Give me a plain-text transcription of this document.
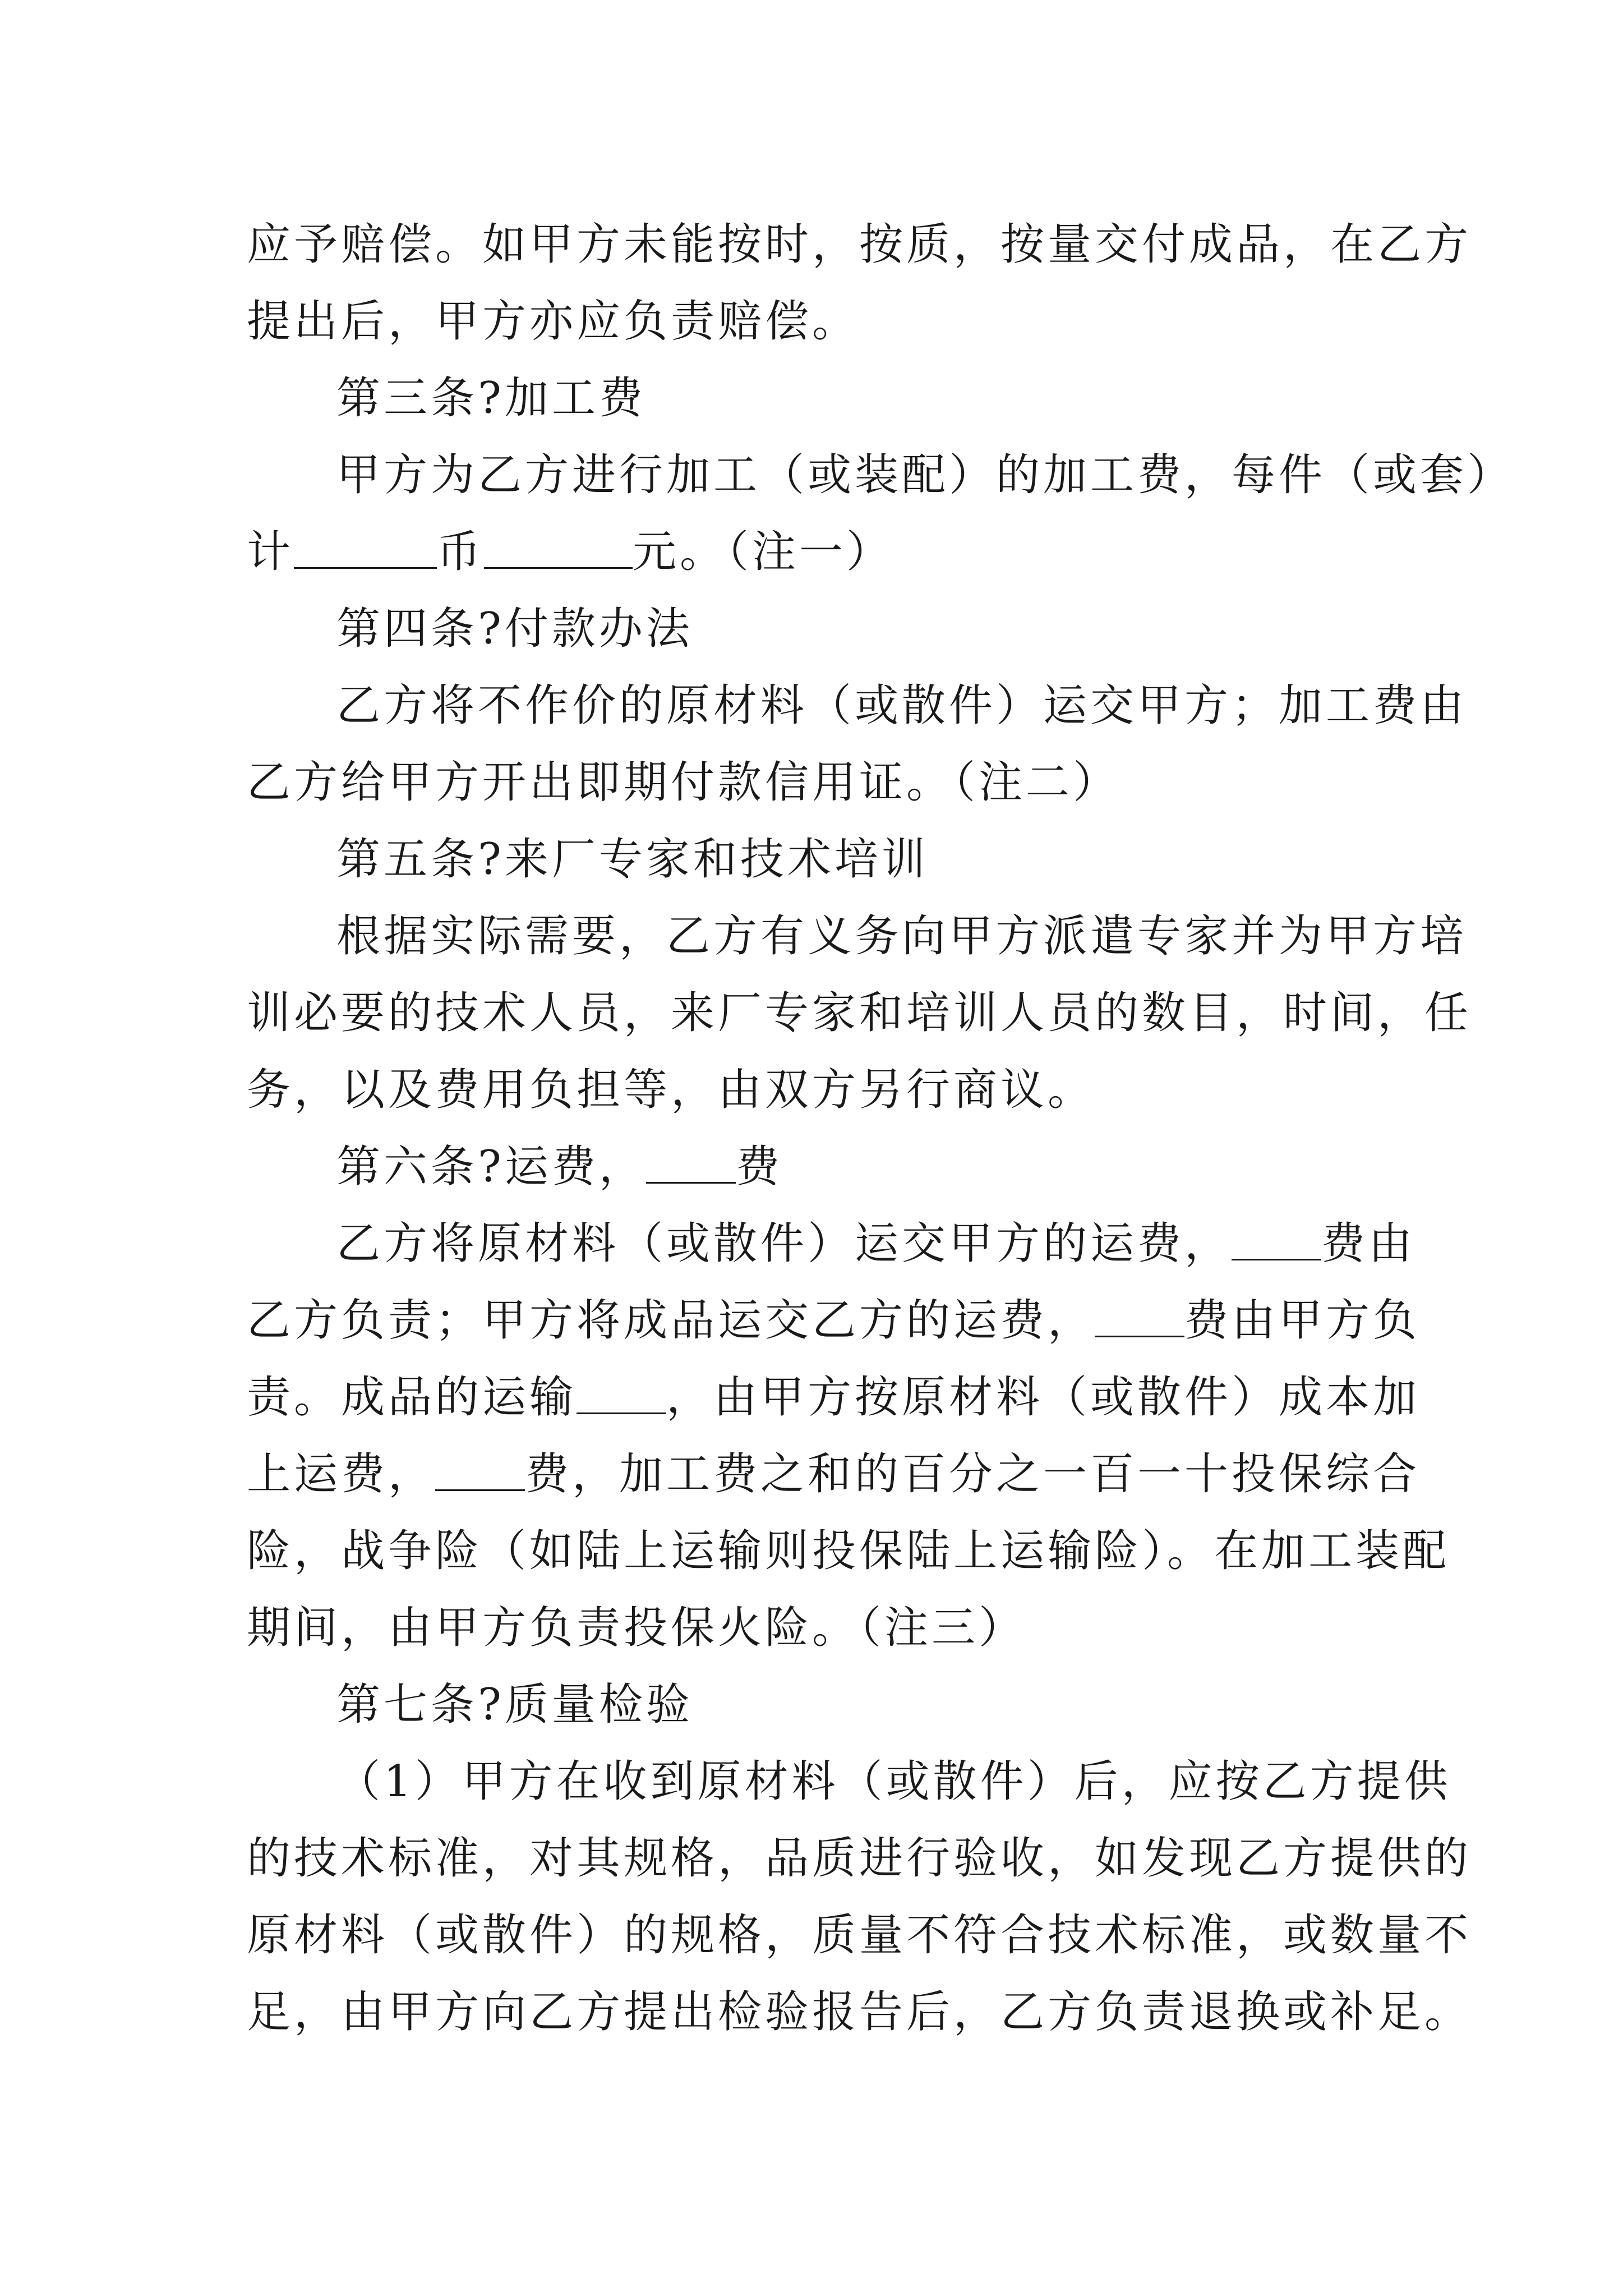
应予赔偿。如甲方未能按时，按质，按量交付成品，在乙方
提出后，甲方亦应负责赔偿。
第三条?加工费
甲方为乙方进行加工（或装配）的加工费，每件（或套）
计	币	元。（注一）
第四条?付款办法
乙方将不作价的原材料（或散件）运交甲方；加工费由
乙方给甲方开出即期付款信用证。（注二）
第五条?来厂专家和技术培训
根据实际需要，乙方有义务向甲方派遣专家并为甲方培
训必要的技术人员，来厂专家和培训人员的数目，时间，任
务，以及费用负担等，由双方另行商议。
第六条?运费， 费
乙方将原材料（或散件）运交甲方的运费， 费由
乙方负责；甲方将成品运交乙方的运费， 费由甲方负
责。成品的运输 ，由甲方按原材料（或散件）成本加
上运费， 费，加工费之和的百分之一百一十投保综合
险，战争险（如陆上运输则投保陆上运输险）。在加工装配
期间，由甲方负责投保火险。（注三）
第七条?质量检验
（1）甲方在收到原材料（或散件）后，应按乙方提供
的技术标准，对其规格，品质进行验收，如发现乙方提供的
原材料（或散件）的规格，质量不符合技术标准，或数量不
足，由甲方向乙方提出检验报告后，乙方负责退换或补足。
